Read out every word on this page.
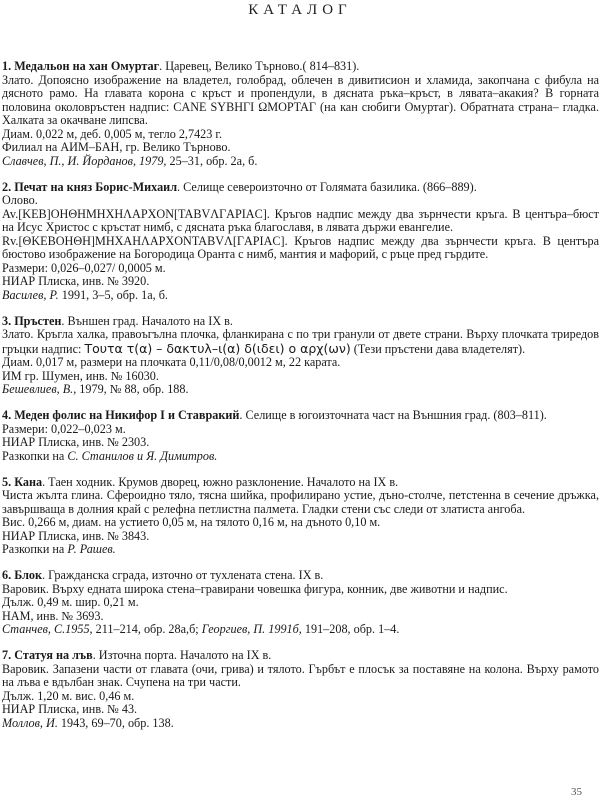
КАТАЛОГ
1. Медальон на хан Омуртаг. Царевец, Велико Търново.( 814–831).
Злато. Допоясно изображение на владетел, голобрад, облечен в дивитисион и хламида, закопчана с фибула на дясното рамо. На главата корона с кръст и пропендули, в дясната ръка–кръст, в лявата–акакия? В горната половина околовръстен надпис: CANE SYBHΓI ΩMOPTAΓ (на кан сюбиги Омуртаг). Обратната страна– гладка. Халката за окачване липсва.
Диам. 0,022 м, деб. 0,005 м, тегло 2,7423 г.
Филиал на АИМ–БАН, гр. Велико Търново.
Славчев, П., И. Йорданов, 1979, 25–31, обр. 2а, б.
2. Печат на княз Борис-Михаил. Селище североизточно от Голямата базилика. (866–889).
Олово.
Av.[KEB]OHΘHMHXHΛAPXON[TABVΛΓAPIAC]. Кръгов надпис между два зърнчести кръга. В центъра–бюст на Исус Христос с кръстат нимб, с дясната ръка благославя, в лявата държи евангелие.
Rv.[ΘKEBOHΘH]MHXAHΛAPXONTABVΛ[ΓAPIAC]. Кръгов надпис между два зърнчести кръга. В центъра бюстово изображение на Богородица Оранта с нимб, мантия и мафорий, с ръце пред гърдите.
Размери: 0,026–0,027/ 0,0005 м.
НИАР Плиска, инв. № 3920.
Василев, Р. 1991, 3–5, обр. 1а, б.
3. Пръстен. Външен град. Началото на IX в.
Злато. Кръгла халка, правоъгълна плочка, фланкирана с по три гранули от двете страни. Върху плочката триредов гръцки надпис: Τουτα τ(α) – δακτυλ–ι(α) δ(ιδει) ο αρχ(ων) (Тези пръстени дава владетелят).
Диам. 0,017 м, размери на плочката 0,11/0,08/0,0012 м, 22 карата.
ИМ гр. Шумен, инв. № 16030.
Бешевлиев, В., 1979, № 88, обр. 188.
4. Меден фолис на Никифор I и Ставракий. Селище в югоизточната част на Външния град. (803–811).
Размери: 0,022–0,023 м.
НИАР Плиска, инв. № 2303.
Разкопки на С. Станилов и Я. Димитров.
5. Кана. Таен ходник. Крумов дворец, южно разклонение. Началото на IX в.
Чиста жълта глина. Сфероидно тяло, тясна шийка, профилирано устие, дъно-столче, петстенна в сечение дръжка, завършваща в долния край с релефна петлистна палмета. Гладки стени със следи от златиста ангоба.
Вис. 0,266 м, диам. на устието 0,05 м, на тялото 0,16 м, на дъното 0,10 м.
НИАР Плиска, инв. № 3843.
Разкопки на Р. Рашев.
6. Блок. Гражданска сграда, източно от тухлената стена. IX в.
Варовик. Върху едната широка стена–гравирани човешка фигура, конник, две животни и надпис.
Дълж. 0,49 м. шир. 0,21 м.
НАМ, инв. № 3693.
Станчев, С.1955, 211–214, обр. 28а,б; Георгиев, П. 1991б, 191–208, обр. 1–4.
7. Статуя на лъв. Източна порта. Началото на IX в.
Варовик. Запазени части от главата (очи, грива) и тялото. Гърбът е плосък за поставяне на колона. Върху рамото на лъва е вдълбан знак. Счупена на три части.
Дълж. 1,20 м. вис. 0,46 м.
НИАР Плиска, инв. № 43.
Моллов, И. 1943, 69–70, обр. 138.
35
